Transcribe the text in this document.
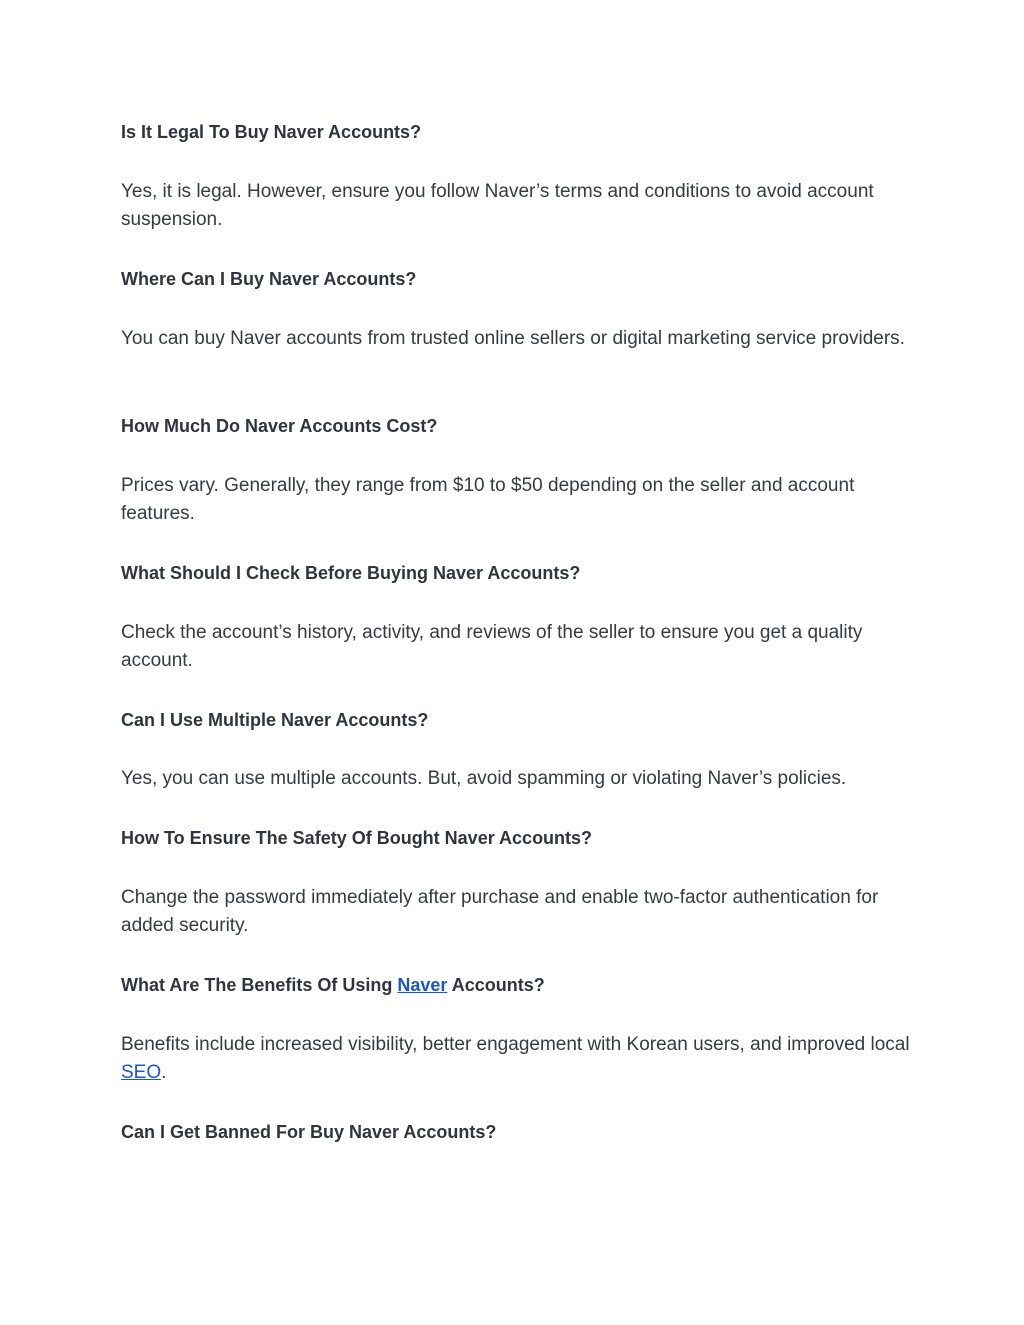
Is It Legal To Buy Naver Accounts?

Yes, it is legal. However, ensure you follow Naver’s terms and conditions to avoid account suspension.

Where Can I Buy Naver Accounts?

You can buy Naver accounts from trusted online sellers or digital marketing service providers.

How Much Do Naver Accounts Cost?

Prices vary. Generally, they range from $10 to $50 depending on the seller and account features.

What Should I Check Before Buying Naver Accounts?

Check the account’s history, activity, and reviews of the seller to ensure you get a quality account.

Can I Use Multiple Naver Accounts?

Yes, you can use multiple accounts. But, avoid spamming or violating Naver’s policies.

How To Ensure The Safety Of Bought Naver Accounts?

Change the password immediately after purchase and enable two-factor authentication for added security.

What Are The Benefits Of Using Naver Accounts?

Benefits include increased visibility, better engagement with Korean users, and improved local SEO.

Can I Get Banned For Buy Naver Accounts?
